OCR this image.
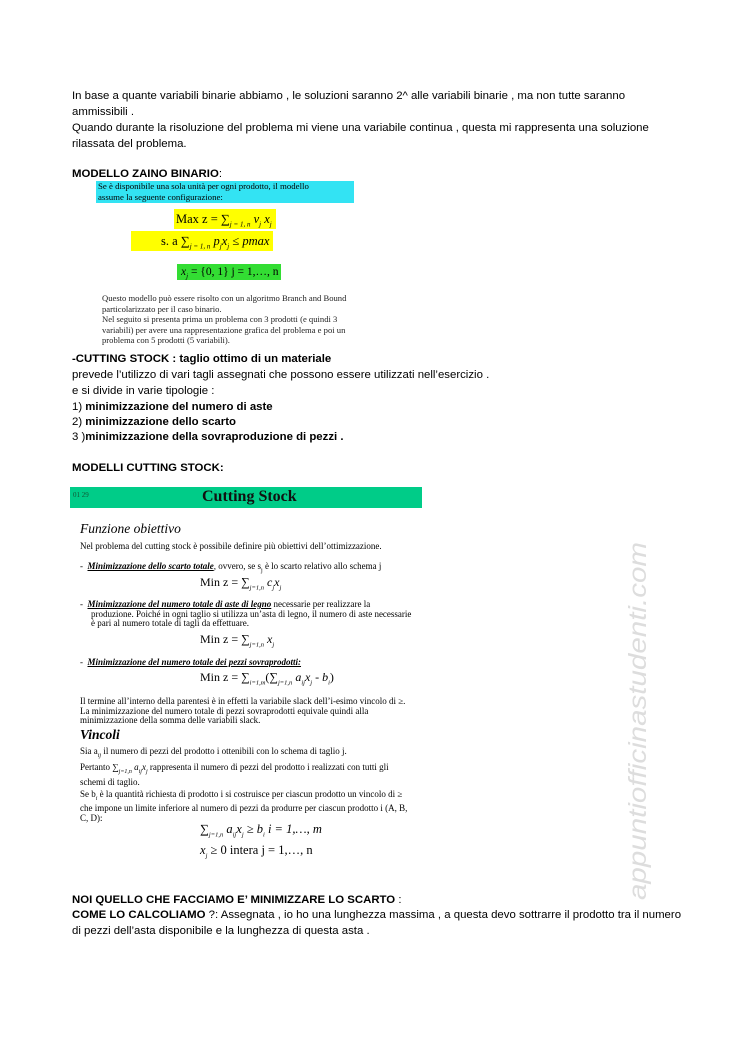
In base a quante variabili binarie abbiamo , le soluzioni saranno 2^ alle variabili binarie , ma non tutte saranno
ammissibili .
Quando durante la risoluzione del problema mi viene una variabile continua , questa mi rappresenta una soluzione
rilassata del problema.
MODELLO ZAINO BINARIO:
Se è disponibile una sola unità per ogni prodotto, il modello
assume la seguente configurazione:
Max $z = \sum_{j = 1, n}$ $v_j$ $x_j$
s. a $\sum_{j = 1, n}$ $p_jx_j \le pmax$
$x_j = \{0$, 1} j = 1,…, n
Questo modello può essere risolto con un algoritmo Branch and Bound
particolarizzato per il caso binario.
Nel seguito si presenta prima un problema con 3 prodotti (e quindi 3
variabili) per avere una rappresentazione grafica del problema e poi un
problema con 5 prodotti (5 variabili).
-CUTTING STOCK : taglio ottimo di un materiale
prevede l’utilizzo di vari tagli assegnati che possono essere utilizzati nell’esercizio .
e si divide in varie tipologie :
1) minimizzazione del numero di aste
2) minimizzazione dello scarto
3 )minimizzazione della sovraproduzione di pezzi .
MODELLI CUTTING STOCK:
01 29	Cutting Stock
Funzione obiettivo
Nel problema del cutting stock è possibile definire più obiettivi dell’ottimizzazione.
-  Minimizzazione dello scarto totale, ovvero, se $s_j$ è lo scarto relativo allo schema j
Min $z = \sum_{j=1,n}$ $c_jx_j$
-  Minimizzazione del numero totale di aste di legno necessarie per realizzare la
produzione. Poiché in ogni taglio si utilizza un’asta di legno, il numero di aste necessarie
è pari al numero totale di tagli da effettuare.
Min $z = \sum_{j=1,n}$ $x_j$
-  Minimizzazione del numero totale dei pezzi sovraprodotti:
Min $z = \sum_{i=1,m}(\sum_{j=1,n}$ $a_{ij}x_j - b_i$)
Il termine all’interno della parentesi è in effetti la variabile slack dell’i-esimo vincolo di ≥.
La minimizzazione del numero totale di pezzi sovraprodotti equivale quindi alla
minimizzazione della somma delle variabili slack.
Vincoli
Sia $a_{ij}$ il numero di pezzi del prodotto i ottenibili con lo schema di taglio j.
Pertanto $\sum_{j=1,n}$ $a_{ij}x_j$ rappresenta il numero di pezzi del prodotto i realizzati con tutti gli
schemi di taglio.
Se $b_i$ è la quantità richiesta di prodotto i si costruisce per ciascun prodotto un vincolo di ≥
che impone un limite inferiore al numero di pezzi da produrre per ciascun prodotto i (A, B,
C, D):
$\sum_{j=1,n}$ $a_{ij}x_j \ge b_i$ i = 1,…, m
$x_j \ge 0$ intera j = 1,…, n
NOI QUELLO CHE FACCIAMO E’ MINIMIZZARE LO SCARTO :
COME LO CALCOLIAMO ?: Assegnata , io ho una lunghezza massima , a questa devo sottrarre il prodotto tra il numero
di pezzi dell’asta disponibile e la lunghezza di questa asta .
appuntiofficinastudenti.com
